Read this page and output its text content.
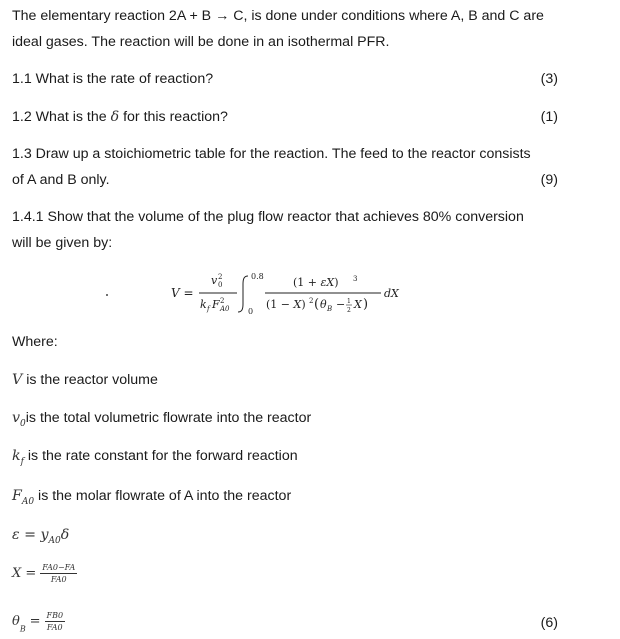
The elementary reaction 2A + B → C, is done under conditions where A, B and C are
ideal gases. The reaction will be done in an isothermal PFR.
1.1 What is the rate of reaction?	(3)
1.2 What is the δ for this reaction?	(1)
1.3 Draw up a stoichiometric table for the reaction. The feed to the reactor consists
of A and B only.	(9)
1.4.1 Show that the volume of the plug flow reactor that achieves 80% conversion
will be given by:
V =
v 0
2
k f F 2
A0
0.8
0
(1 + εX) 3
(1 − X) 2 ( θ B − 1
2 X )
dX
Where:
V is the reactor volume
$v_0is$ the total volumetric flowrate into the reactor
$k_f$ is the rate constant for the forward reaction
$F_{A0}$ is the molar flowrate of A into the reactor
$\varepsilon = y_{A0}\delta$
$X = \frac{FA0-FA}{FA0}$
$\theta_B = \frac{FB0}{FA0}$	(6)
